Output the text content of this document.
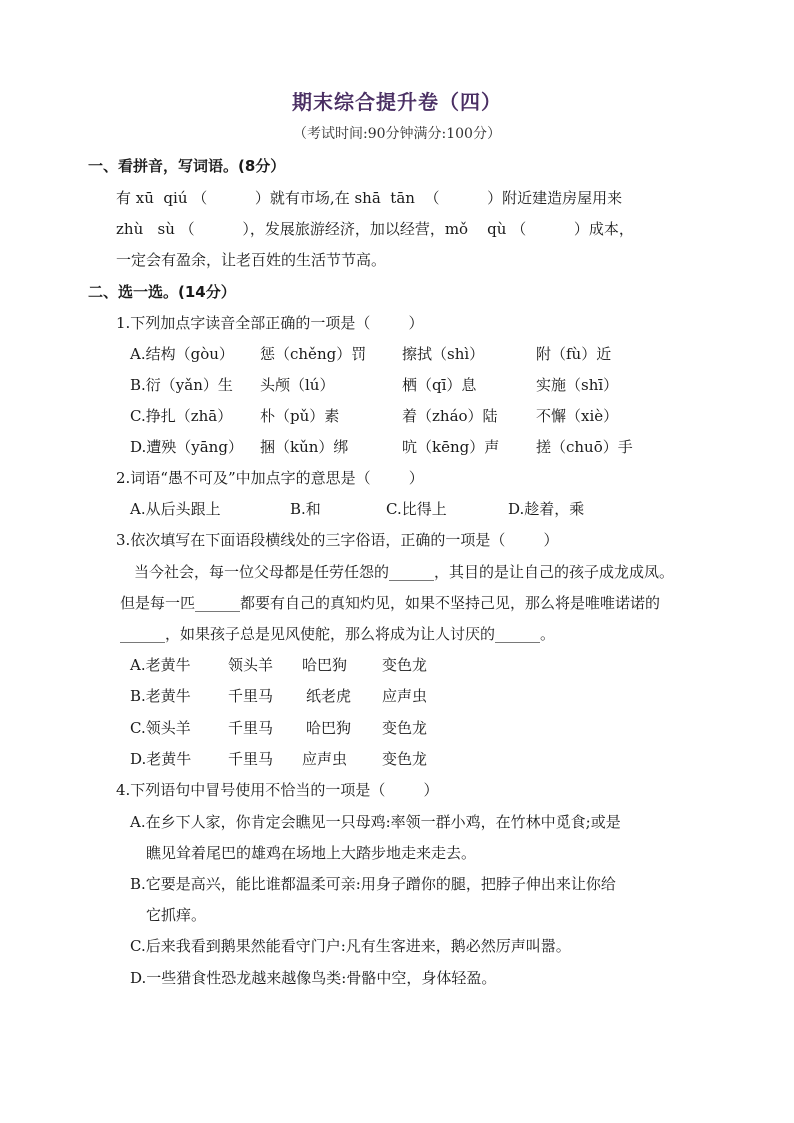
期末综合提升卷（四）
（考试时间:90分钟满分:100分）
一、看拼音，写词语。(8分）
有 xū  qiú （          ）就有市场,在 shā  tān  （          ）附近建造房屋用来
zhù   sù （          ），发展旅游经济，加以经营，mǒ    qù （          ）成本，
一定会有盈余，让老百姓的生活节节高。
二、选一选。(14分）
1.下列加点字读音全部正确的一项是（        ）
A.结构（gòu） 惩（chěng）罚 擦拭（shì）	附（fù）近
B.衍（yǎn）生 头颅（lú）	栖（qī）息	实施（shī）
C.挣扎（zhā） 朴（pǔ）素	着（zháo）陆	不懈（xiè）
D.遭殃（yāng） 捆（kǔn）绑	吭（kēng）声 搓（chuō）手
2.词语“愚不可及”中加点字的意思是（        ）
A.从后头跟上	B.和	C.比得上	D.趁着，乘
3.依次填写在下面语段横线处的三字俗语，正确的一项是（        ）
当今社会，每一位父母都是任劳任怨的______，其目的是让自己的孩子成龙成凤。
但是每一匹______都要有自己的真知灼见，如果不坚持己见，那么将是唯唯诺诺的
______，如果孩子总是见风使舵，那么将成为让人讨厌的______。
A.老黄牛 领头羊 哈巴狗 变色龙
B.老黄牛 千里马 纸老虎 应声虫
C.领头羊 千里马 哈巴狗 变色龙
D.老黄牛 千里马 应声虫 变色龙
4.下列语句中冒号使用不恰当的一项是（        ）
A.在乡下人家，你肯定会瞧见一只母鸡:率领一群小鸡，在竹林中觅食;或是
瞧见耸着尾巴的雄鸡在场地上大踏步地走来走去。
B.它要是高兴，能比谁都温柔可亲:用身子蹭你的腿，把脖子伸出来让你给
它抓痒。
C.后来我看到鹅果然能看守门户:凡有生客进来，鹅必然厉声叫嚣。
D.一些猎食性恐龙越来越像鸟类:骨骼中空，身体轻盈。
